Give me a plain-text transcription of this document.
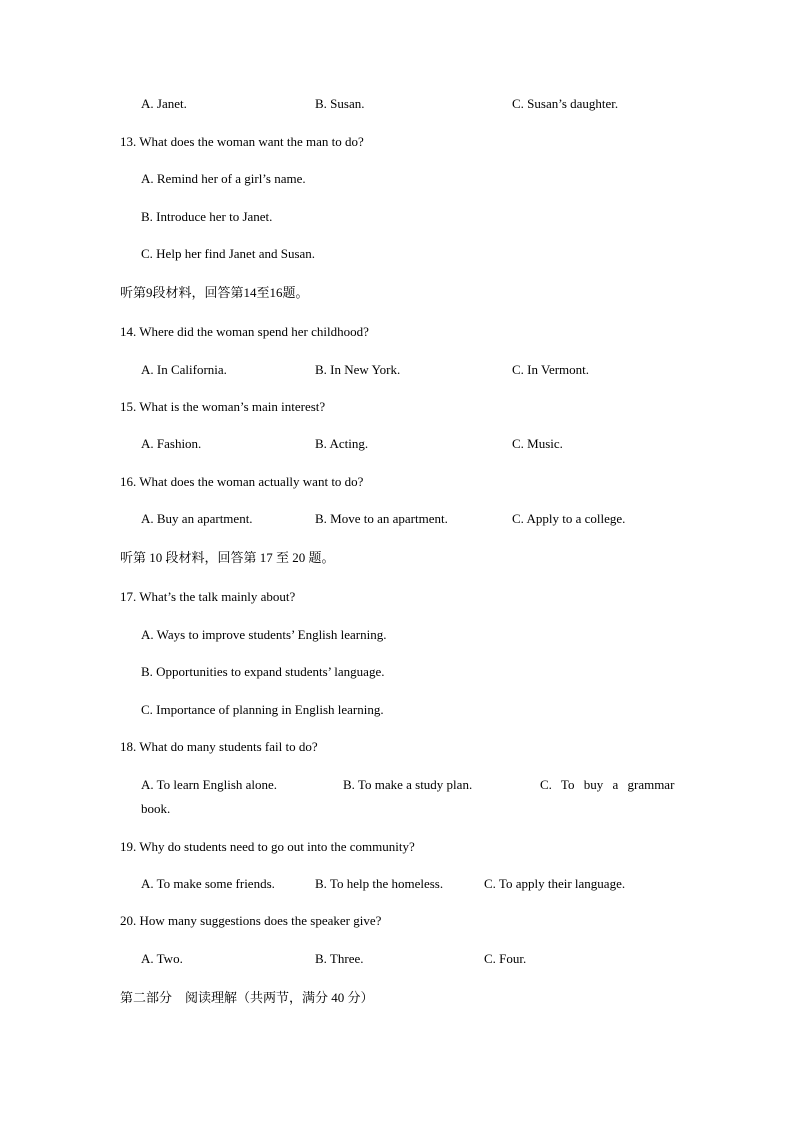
A. Janet.	B. Susan.	C. Susan’s daughter.
13. What does the woman want the man to do?
A. Remind her of a girl’s name.
B. Introduce her to Janet.
C. Help her find Janet and Susan.
听第9段材料，回答第14至16题。
14. Where did the woman spend her childhood?
A. In California.	B. In New York.	C. In Vermont.
15. What is the woman’s main interest?
A. Fashion.	B. Acting.	C. Music.
16. What does the woman actually want to do?
A. Buy an apartment.	B. Move to an apartment.	C. Apply to a college.
听第 10 段材料，回答第 17 至 20 题。
17. What’s the talk mainly about?
A. Ways to improve students’ English learning.
B. Opportunities to expand students’ language.
C. Importance of planning in English learning.
18. What do many students fail to do?
A. To learn English alone.	B. To make a study plan.	C. To buy a grammar
book.
19. Why do students need to go out into the community?
A. To make some friends.	B. To help the homeless.	C. To apply their language.
20. How many suggestions does the speaker give?
A. Two.	B. Three.	C. Four.
第二部分　阅读理解（共两节，满分 40 分）
